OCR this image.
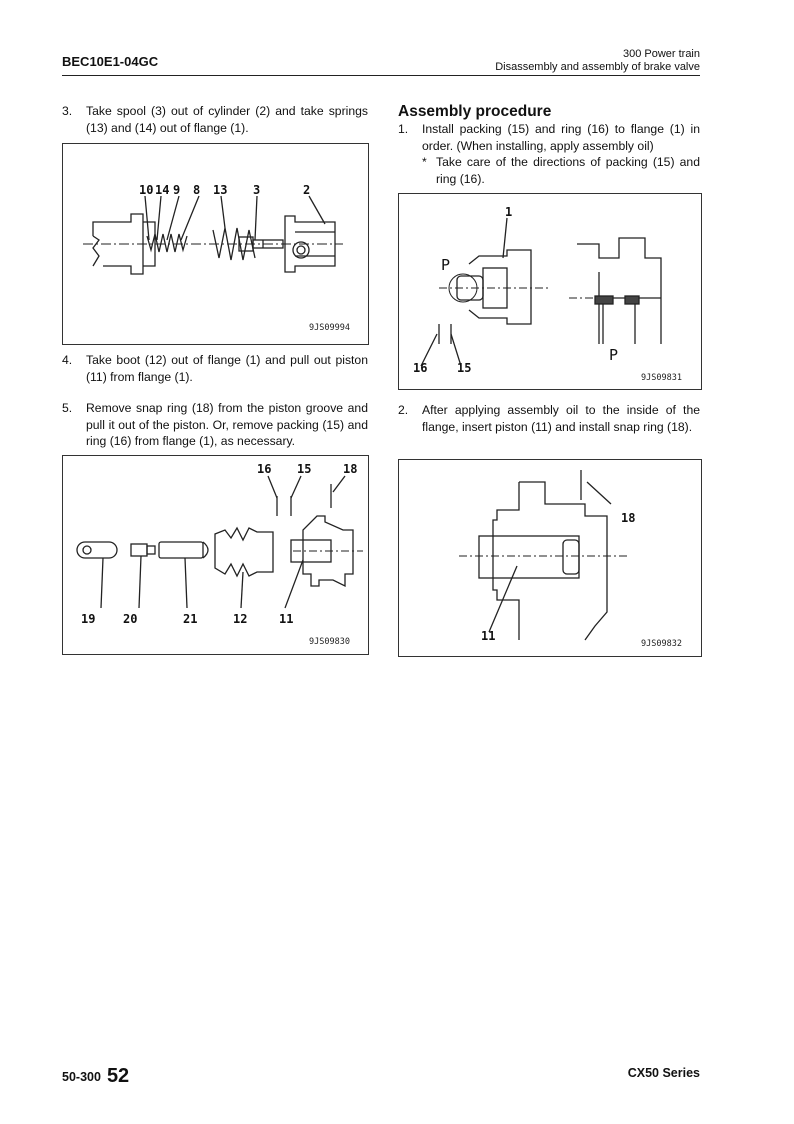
BEC10E1-04GC	300 Power train
Disassembly and assembly of brake valve
3.	Take spool (3) out of cylinder (2) and take springs (13) and (14) out of flange (1).
10 14 9 8 13 3	2
9JS09994
4.	Take boot (12) out of flange (1) and pull out piston (11) from flange (1).
5.	Remove snap ring (18) from the piston groove and pull it out of the piston. Or, remove packing (15) and ring (16) from flange (1), as necessary.
16 15	18
19 20	21	12	11
9JS09830
Assembly procedure
1.	Install packing (15) and ring (16) to flange (1) in order. (When installing, apply assembly oil)
* Take care of the directions of packing (15) and ring (16).
1
16 15
P
P
9JS09831
2.	After applying assembly oil to the inside of the flange, insert piston (11) and install snap ring (18).
18
11
9JS09832
50-300 52	CX50 Series
